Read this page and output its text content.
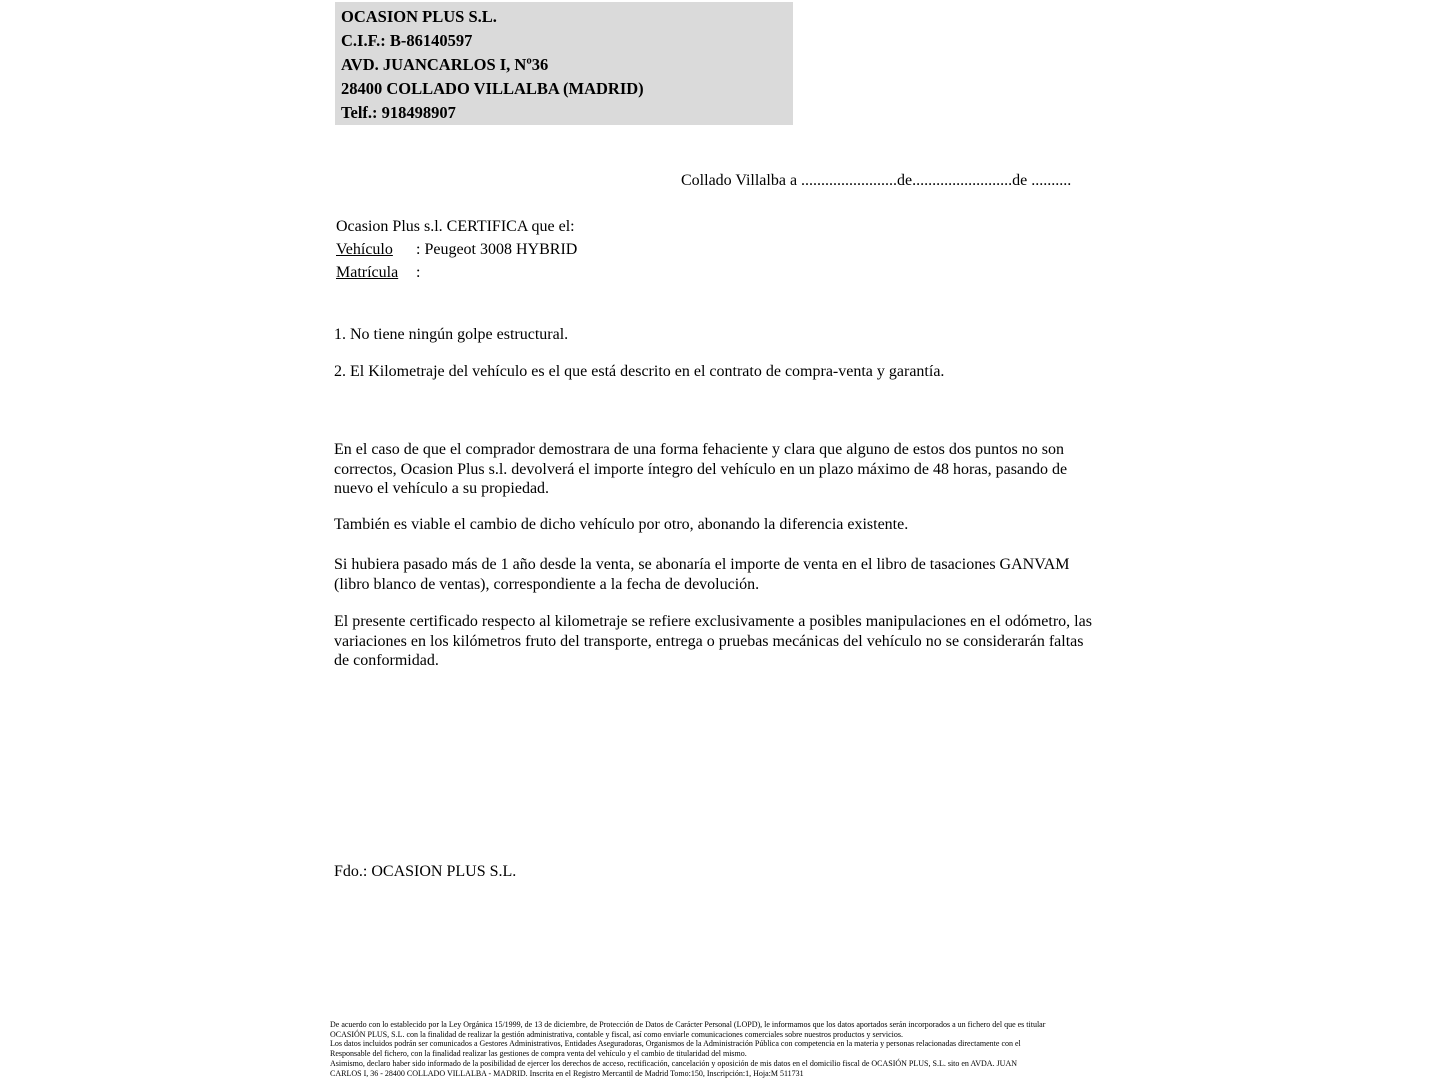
OCASION PLUS S.L.
C.I.F.: B-86140597
AVD. JUANCARLOS I, Nº36
28400 COLLADO VILLALBA (MADRID)
Telf.: 918498907
Collado Villalba a ........................de.........................de ..........
Ocasion Plus s.l. CERTIFICA que el:
Vehículo : Peugeot 3008 HYBRID
Matrícula :
1. No tiene ningún golpe estructural.
2. El Kilometraje del vehículo es el que está descrito en el contrato de compra-venta y garantía.
En el caso de que el comprador demostrara de una forma fehaciente y clara que alguno de estos dos puntos no son correctos, Ocasion Plus s.l. devolverá el importe íntegro del vehículo en un plazo máximo de 48 horas, pasando de nuevo el vehículo a su propiedad.
También es viable el cambio de dicho vehículo por otro, abonando la diferencia existente.
Si hubiera pasado más de 1 año desde la venta, se abonaría el importe de venta en el libro de tasaciones GANVAM (libro blanco de ventas), correspondiente a la fecha de devolución.
El presente certificado respecto al kilometraje se refiere exclusivamente a posibles manipulaciones en el odómetro, las variaciones en los kilómetros fruto del transporte, entrega o pruebas mecánicas del vehículo no se considerarán faltas de conformidad.
Fdo.: OCASION PLUS S.L.
De acuerdo con lo establecido por la Ley Orgánica 15/1999, de 13 de diciembre, de Protección de Datos de Carácter Personal (LOPD), le informamos que los datos aportados serán incorporados a un fichero del que es titular
OCASIÓN PLUS, S.L. con la finalidad de realizar la gestión administrativa, contable y fiscal, así como enviarle comunicaciones comerciales sobre nuestros productos y servicios.
Los datos incluidos podrán ser comunicados a Gestores Administrativos, Entidades Aseguradoras, Organismos de la Administración Pública con competencia en la materia y personas relacionadas directamente con el
Responsable del fichero, con la finalidad realizar las gestiones de compra venta del vehículo y el cambio de titularidad del mismo.
Asimismo, declaro haber sido informado de la posibilidad de ejercer los derechos de acceso, rectificación, cancelación y oposición de mis datos en el domicilio fiscal de OCASIÓN PLUS, S.L. sito en AVDA. JUAN
CARLOS I, 36 - 28400 COLLADO VILLALBA - MADRID. Inscrita en el Registro Mercantil de Madrid Tomo:150, Inscripción:1, Hoja:M 511731
